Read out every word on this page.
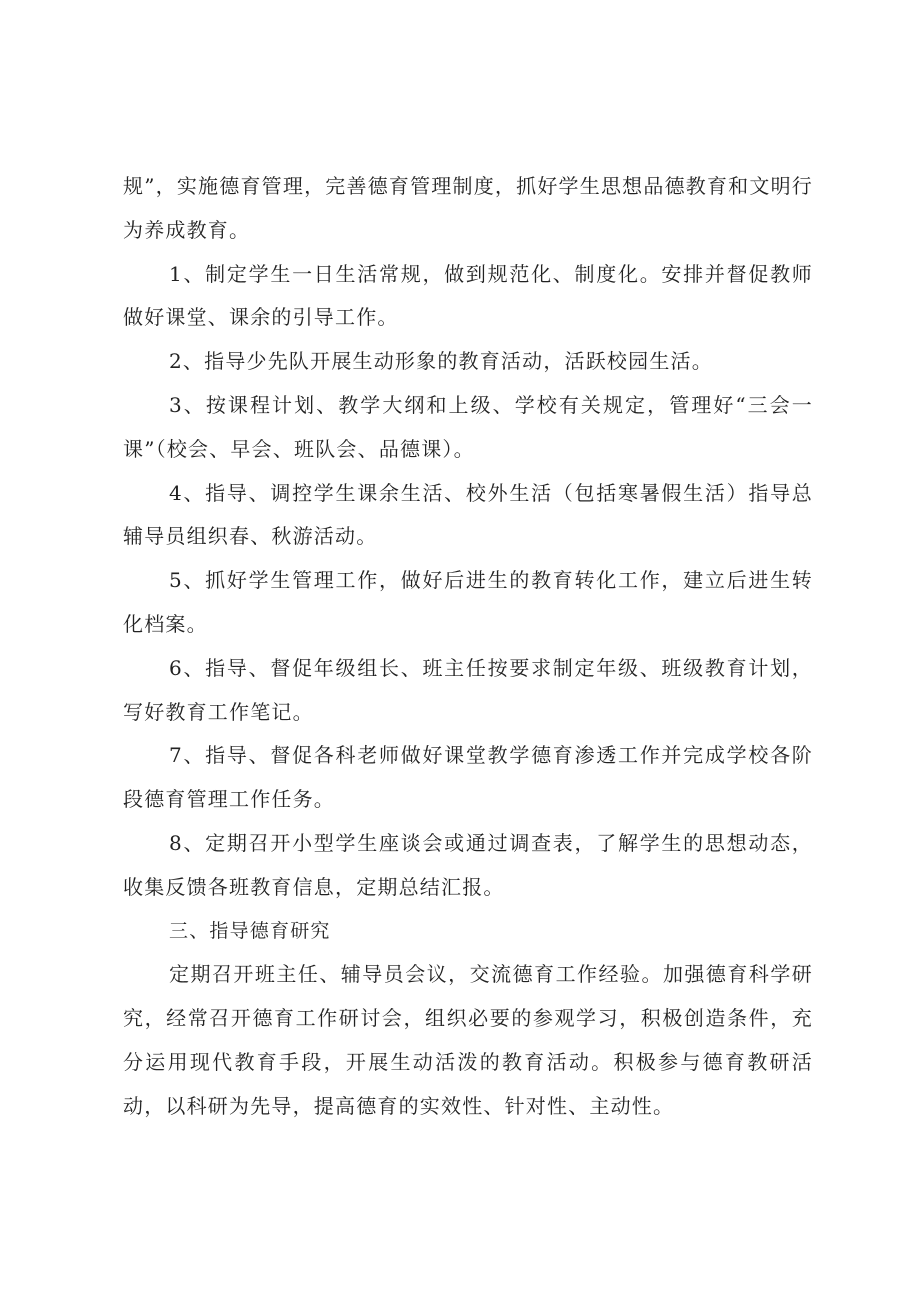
规”，实施德育管理，完善德育管理制度，抓好学生思想品德教育和文明行为养成教育。

1、制定学生一日生活常规，做到规范化、制度化。安排并督促教师做好课堂、课余的引导工作。

2、指导少先队开展生动形象的教育活动，活跃校园生活。

3、按课程计划、教学大纲和上级、学校有关规定，管理好“三会一课”（校会、早会、班队会、品德课）。

4、指导、调控学生课余生活、校外生活（包括寒暑假生活）指导总辅导员组织春、秋游活动。

5、抓好学生管理工作，做好后进生的教育转化工作，建立后进生转化档案。

6、指导、督促年级组长、班主任按要求制定年级、班级教育计划，写好教育工作笔记。

7、指导、督促各科老师做好课堂教学德育渗透工作并完成学校各阶段德育管理工作任务。

8、定期召开小型学生座谈会或通过调查表，了解学生的思想动态，收集反馈各班教育信息，定期总结汇报。

三、指导德育研究

定期召开班主任、辅导员会议，交流德育工作经验。加强德育科学研究，经常召开德育工作研讨会，组织必要的参观学习，积极创造条件，充分运用现代教育手段，开展生动活泼的教育活动。积极参与德育教研活动，以科研为先导，提高德育的实效性、针对性、主动性。
